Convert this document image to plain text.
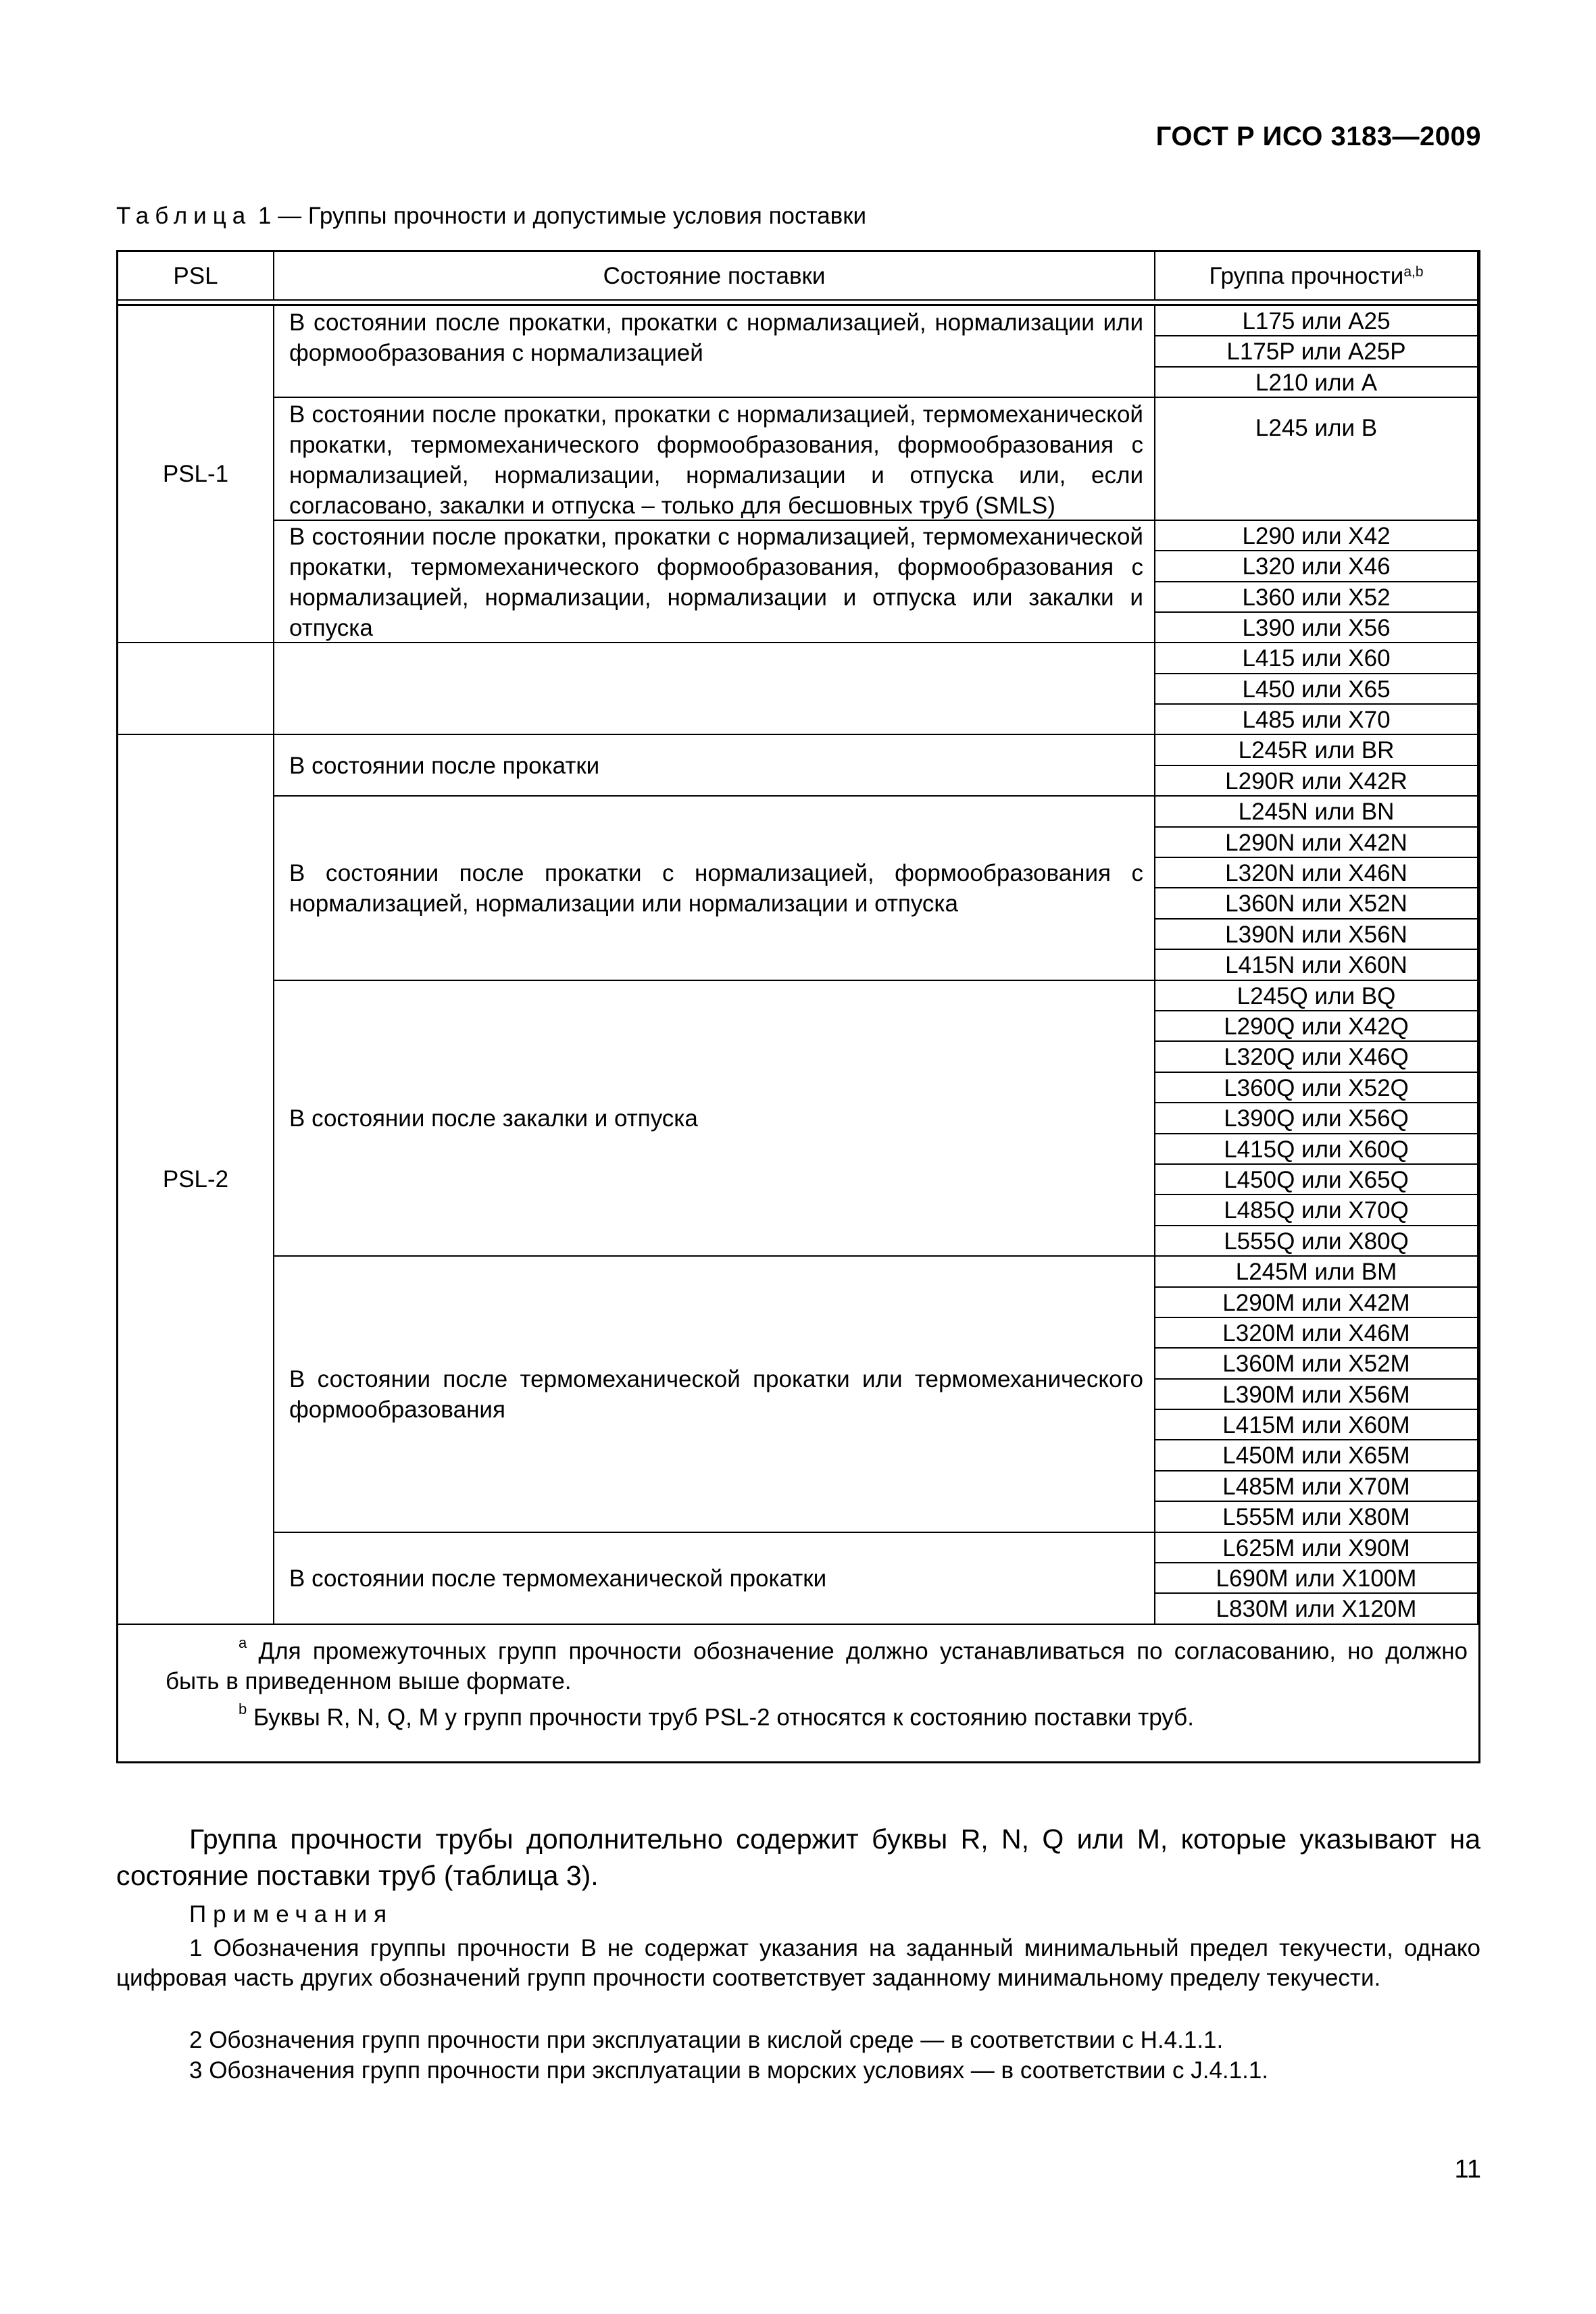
ГОСТ Р ИСО 3183—2009
Таблица 1 — Группы прочности и допустимые условия поставки
PSL	Состояние поставки	Группа прочности$^{a,b}$
PSL-1
В состоянии после прокатки, прокатки с нормализацией, нормализации или формообразования с нормализацией
В состоянии после прокатки, прокатки с нормализацией, термомеханической прокатки, термомеханического формообразования, формообразования с нормализацией, нормализации, нормализации и отпуска или, если согласовано, закалки и отпуска – только для бесшовных труб (SMLS)
В состоянии после прокатки, прокатки с нормализацией, термомеханической прокатки, термомеханического формообразования, формообразования с нормализацией, нормализации, нормализации и отпуска или закалки и отпуска
L175 или A25
L175P или A25P
L210 или A
L245 или B
L290 или X42
L320 или X46
L360 или X52
L390 или X56
L415 или X60
L450 или X65
L485 или X70
PSL-2
В состоянии после прокатки
В состоянии после прокатки с нормализацией, формообразования с нормализацией, нормализации или нормализации и отпуска
В состоянии после закалки и отпуска
В состоянии после термомеханической прокатки или термомеханического формообразования
В состоянии после термомеханической прокатки
L245R или BR
L290R или X42R
L245N или BN
L290N или X42N
L320N или X46N
L360N или X52N
L390N или X56N
L415N или X60N
L245Q или BQ
L290Q или X42Q
L320Q или X46Q
L360Q или X52Q
L390Q или X56Q
L415Q или X60Q
L450Q или X65Q
L485Q или X70Q
L555Q или X80Q
L245M или BM
L290M или X42M
L320M или X46M
L360M или X52M
L390M или X56M
L415M или X60M
L450M или X65M
L485M или X70M
L555M или X80M
L625M или X90M
L690M или X100M
L830M или X120M

$^a$ Для промежуточных групп прочности обозначение должно устанавливаться по согласованию, но должно быть в приведенном выше формате.

$^b$ Буквы R, N, Q, M у групп прочности труб PSL-2 относятся к состоянию поставки труб.

Группа прочности трубы дополнительно содержит буквы R, N, Q или M, которые указывают на состояние поставки труб (таблица 3).

Примечания

1 Обозначения группы прочности B не содержат указания на заданный минимальный предел текучести, однако цифровая часть других обозначений групп прочности соответствует заданному минимальному пределу текучести.

2 Обозначения групп прочности при эксплуатации в кислой среде — в соответствии с H.4.1.1.

3 Обозначения групп прочности при эксплуатации в морских условиях — в соответствии с J.4.1.1.

11
